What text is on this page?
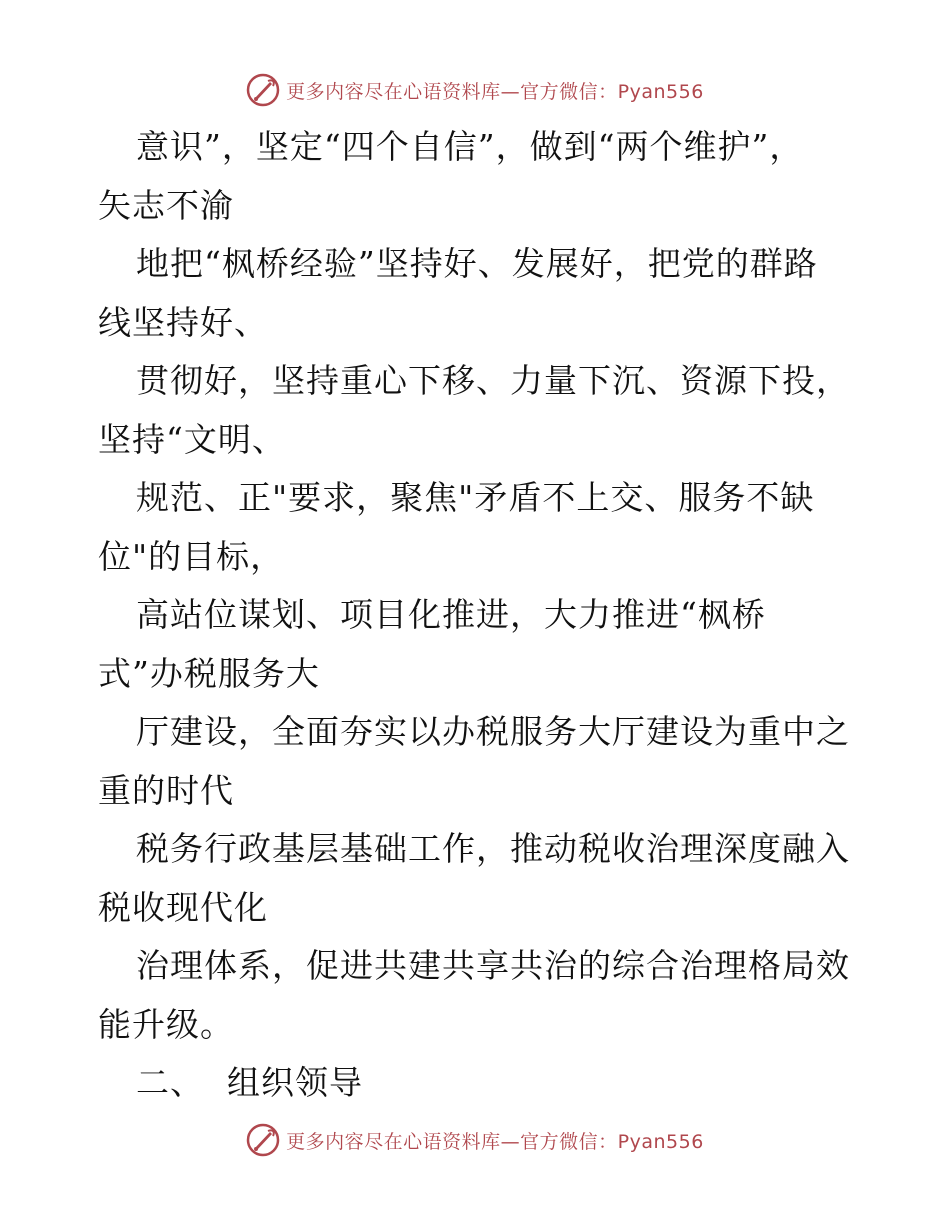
更多内容尽在心语资料库—官方微信：Pyan556
意识”，坚定“四个自信”，做到“两个维护”，
矢志不渝
地把“枫桥经验”坚持好、发展好，把党的群路
线坚持好、
贯彻好，坚持重心下移、力量下沉、资源下投，
坚持“文明、
规范、正"要求，聚焦"矛盾不上交、服务不缺
位"的目标，
高站位谋划、项目化推进，大力推进“枫桥
式”办税服务大
厅建设，全面夯实以办税服务大厅建设为重中之
重的时代
税务行政基层基础工作，推动税收治理深度融入
税收现代化
治理体系，促进共建共享共治的综合治理格局效
能升级。
二、  组织领导
更多内容尽在心语资料库—官方微信：Pyan556
